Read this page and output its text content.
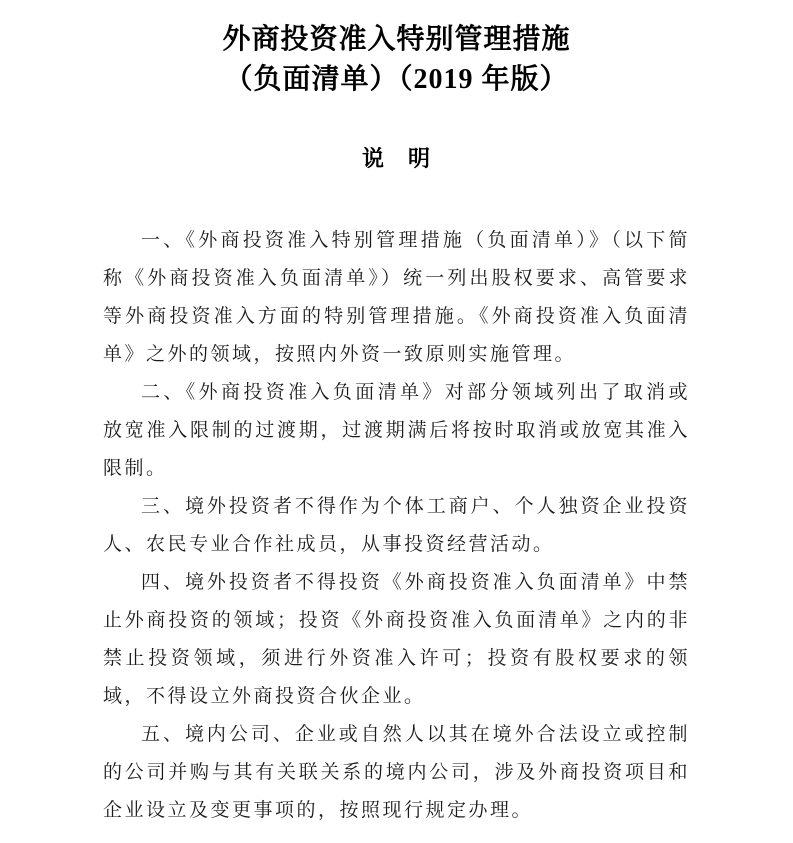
外商投资准入特别管理措施
（负面清单）（2019 年版）
说　明

一、《外商投资准入特别管理措施（负面清单）》（以下简称《外商投资准入负面清单》）统一列出股权要求、高管要求等外商投资准入方面的特别管理措施。《外商投资准入负面清单》之外的领域，按照内外资一致原则实施管理。

二、《外商投资准入负面清单》对部分领域列出了取消或放宽准入限制的过渡期，过渡期满后将按时取消或放宽其准入限制。

三、境外投资者不得作为个体工商户、个人独资企业投资人、农民专业合作社成员，从事投资经营活动。

四、境外投资者不得投资《外商投资准入负面清单》中禁止外商投资的领域；投资《外商投资准入负面清单》之内的非禁止投资领域，须进行外资准入许可；投资有股权要求的领域，不得设立外商投资合伙企业。

五、境内公司、企业或自然人以其在境外合法设立或控制的公司并购与其有关联关系的境内公司，涉及外商投资项目和企业设立及变更事项的，按照现行规定办理。
